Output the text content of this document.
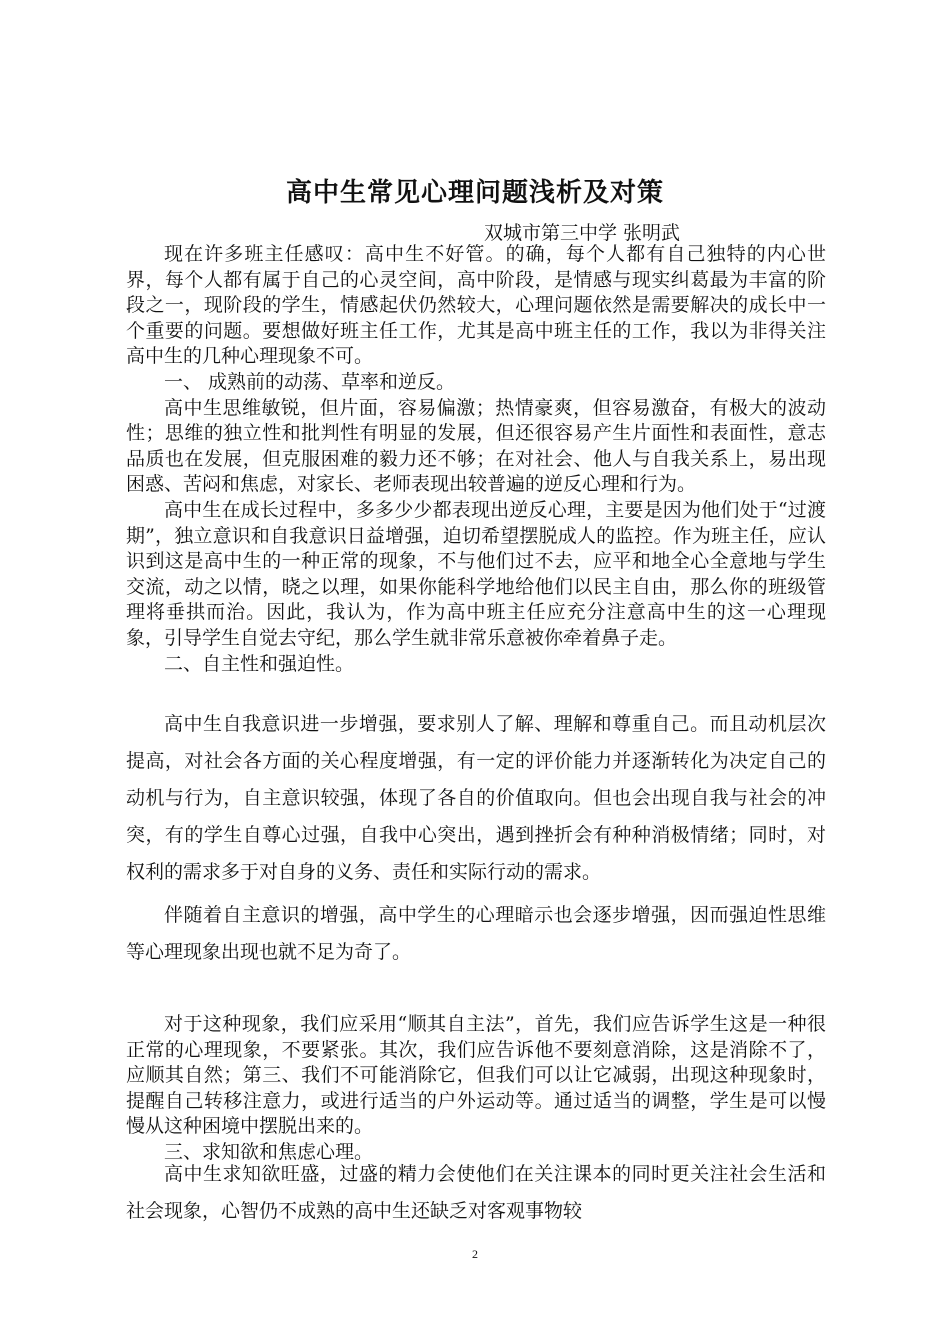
高中生常见心理问题浅析及对策
双城市第三中学 张明武

现在许多班主任感叹：高中生不好管。的确，每个人都有自己独特的内心世界，每个人都有属于自己的心灵空间，高中阶段，是情感与现实纠葛最为丰富的阶段之一，现阶段的学生，情感起伏仍然较大，心理问题依然是需要解决的成长中一个重要的问题。要想做好班主任工作，尤其是高中班主任的工作，我以为非得关注高中生的几种心理现象不可。

一、 成熟前的动荡、草率和逆反。

高中生思维敏锐，但片面，容易偏激；热情豪爽，但容易激奋，有极大的波动性；思维的独立性和批判性有明显的发展，但还很容易产生片面性和表面性，意志品质也在发展，但克服困难的毅力还不够；在对社会、他人与自我关系上，易出现困惑、苦闷和焦虑，对家长、老师表现出较普遍的逆反心理和行为。

高中生在成长过程中，多多少少都表现出逆反心理，主要是因为他们处于“过渡期”，独立意识和自我意识日益增强，迫切希望摆脱成人的监控。作为班主任，应认识到这是高中生的一种正常的现象，不与他们过不去，应平和地全心全意地与学生交流，动之以情，晓之以理，如果你能科学地给他们以民主自由，那么你的班级管理将垂拱而治。因此，我认为，作为高中班主任应充分注意高中生的这一心理现象，引导学生自觉去守纪，那么学生就非常乐意被你牵着鼻子走。

二、自主性和强迫性。

高中生自我意识进一步增强，要求别人了解、理解和尊重自己。而且动机层次提高，对社会各方面的关心程度增强，有一定的评价能力并逐渐转化为决定自己的动机与行为，自主意识较强，体现了各自的价值取向。但也会出现自我与社会的冲突，有的学生自尊心过强，自我中心突出，遇到挫折会有种种消极情绪；同时，对权利的需求多于对自身的义务、责任和实际行动的需求。

伴随着自主意识的增强，高中学生的心理暗示也会逐步增强，因而强迫性思维等心理现象出现也就不足为奇了。

对于这种现象，我们应采用“顺其自主法”，首先，我们应告诉学生这是一种很正常的心理现象，不要紧张。其次，我们应告诉他不要刻意消除，这是消除不了，应顺其自然；第三、我们不可能消除它，但我们可以让它减弱，出现这种现象时，提醒自己转移注意力，或进行适当的户外运动等。通过适当的调整，学生是可以慢慢从这种困境中摆脱出来的。

三、求知欲和焦虑心理。

高中生求知欲旺盛，过盛的精力会使他们在关注课本的同时更关注社会生活和社会现象，心智仍不成熟的高中生还缺乏对客观事物较

2
